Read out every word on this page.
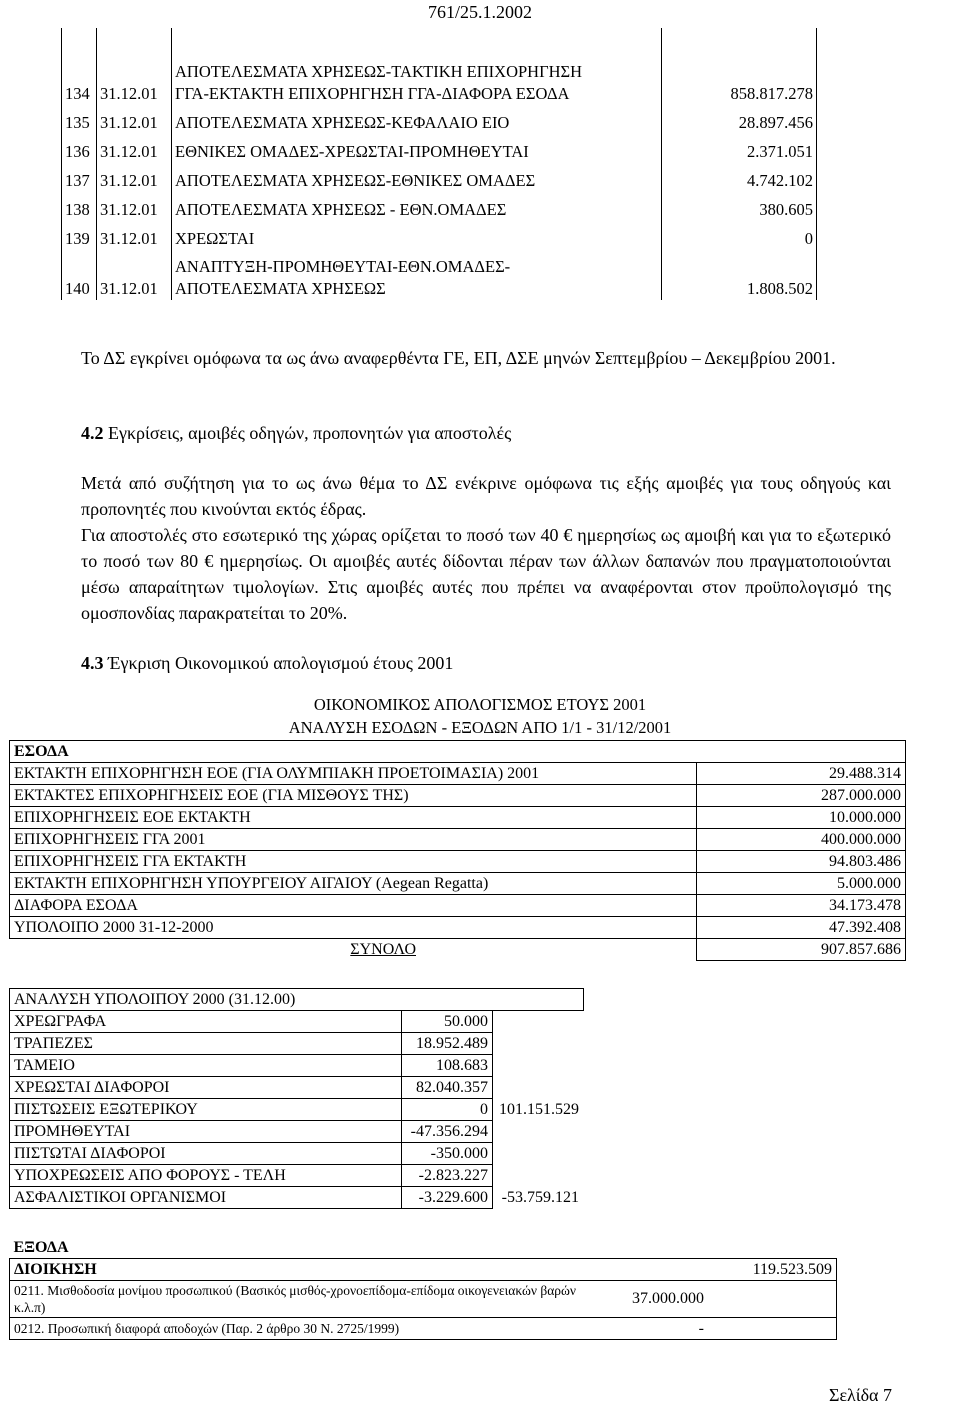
761/25.1.2002

134	31.12.01	ΑΠΟΤΕΛΕΣΜΑΤΑ ΧΡΗΣΕΩΣ-ΤΑΚΤΙΚΗ ΕΠΙΧΟΡΗΓΗΣΗ
ΓΓΑ-ΕΚΤΑΚΤΗ ΕΠΙΧΟΡΗΓΗΣΗ ΓΓΑ-ΔΙΑΦΟΡΑ ΕΣΟΔΑ	858.817.278
135	31.12.01	ΑΠΟΤΕΛΕΣΜΑΤΑ ΧΡΗΣΕΩΣ-ΚΕΦΑΛΑΙΟ ΕΙΟ	28.897.456
136	31.12.01	ΕΘΝΙΚΕΣ ΟΜΑΔΕΣ-ΧΡΕΩΣΤΑΙ-ΠΡΟΜΗΘΕΥΤΑΙ	2.371.051
137	31.12.01	ΑΠΟΤΕΛΕΣΜΑΤΑ ΧΡΗΣΕΩΣ-ΕΘΝΙΚΕΣ ΟΜΑΔΕΣ	4.742.102
138	31.12.01	ΑΠΟΤΕΛΕΣΜΑΤΑ ΧΡΗΣΕΩΣ - ΕΘΝ.ΟΜΑΔΕΣ	380.605
139	31.12.01	ΧΡΕΩΣΤΑΙ	0
140	31.12.01	ΑΝΑΠΤΥΞΗ-ΠΡΟΜΗΘΕΥΤΑΙ-ΕΘΝ.ΟΜΑΔΕΣ-
ΑΠΟΤΕΛΕΣΜΑΤΑ ΧΡΗΣΕΩΣ	1.808.502
Το ΔΣ εγκρίνει ομόφωνα τα ως άνω αναφερθέντα ΓΕ, ΕΠ, ΔΣΕ μηνών Σεπτεμβρίου – Δεκεμβρίου 2001.
4.2 Εγκρίσεις, αμοιβές οδηγών, προπονητών για αποστολές
Μετά από συζήτηση για το ως άνω θέμα το ΔΣ ενέκρινε ομόφωνα τις εξής αμοιβές για τους οδηγούς και προπονητές που κινούνται εκτός έδρας.
Για αποστολές στο εσωτερικό της χώρας ορίζεται το ποσό των 40 € ημερησίως ως αμοιβή και για το εξωτερικό το ποσό των 80 € ημερησίως. Οι αμοιβές αυτές δίδονται πέραν των άλλων δαπανών που πραγματοποιούνται μέσω απαραίτητων τιμολογίων. Στις αμοιβές αυτές που πρέπει να αναφέρονται στον προϋπολογισμό της ομοσπονδίας παρακρατείται το 20%.
4.3 Έγκριση Οικονομικού απολογισμού έτους 2001
ΟΙΚΟΝΟΜΙΚΟΣ ΑΠΟΛΟΓΙΣΜΟΣ ΕΤΟΥΣ 2001
ΑΝΑΛΥΣΗ ΕΣΟΔΩΝ - ΕΞΟΔΩΝ ΑΠΟ 1/1 - 31/12/2001
ΕΣΟΔΑ	
ΕΚΤΑΚΤΗ ΕΠΙΧΟΡΗΓΗΣΗ ΕΟΕ (ΓΙΑ ΟΛΥΜΠΙΑΚΗ ΠΡΟΕΤΟΙΜΑΣΙΑ) 2001	29.488.314
ΕΚΤΑΚΤΕΣ ΕΠΙΧΟΡΗΓΗΣΕΙΣ ΕΟΕ (ΓΙΑ ΜΙΣΘΟΥΣ ΤΗΣ)	287.000.000
ΕΠΙΧΟΡΗΓΗΣΕΙΣ ΕΟΕ ΕΚΤΑΚΤΗ	10.000.000
ΕΠΙΧΟΡΗΓΗΣΕΙΣ ΓΓΑ 2001	400.000.000
ΕΠΙΧΟΡΗΓΗΣΕΙΣ ΓΓΑ ΕΚΤΑΚΤΗ	94.803.486
ΕΚΤΑΚΤΗ ΕΠΙΧΟΡΗΓΗΣΗ ΥΠΟΥΡΓΕΙΟΥ ΑΙΓΑΙΟΥ (Aegean Regatta)	5.000.000
ΔΙΑΦΟΡΑ ΕΣΟΔΑ	34.173.478
ΥΠΟΛΟΙΠΟ 2000 31-12-2000	47.392.408
ΣΥΝΟΛΟ	907.857.686
ΑΝΑΛΥΣΗ ΥΠΟΛΟΙΠΟΥ 2000 (31.12.00)		
ΧΡΕΩΓΡΑΦΑ	50.000	
ΤΡΑΠΕΖΕΣ	18.952.489	
ΤΑΜΕΙΟ	108.683	
ΧΡΕΩΣΤΑΙ ΔΙΑΦΟΡΟΙ	82.040.357	
ΠΙΣΤΩΣΕΙΣ ΕΞΩΤΕΡΙΚΟΥ	0	101.151.529
ΠΡΟΜΗΘΕΥΤΑΙ	-47.356.294	
ΠΙΣΤΩΤΑΙ ΔΙΑΦΟΡΟΙ	-350.000	
ΥΠΟΧΡΕΩΣΕΙΣ ΑΠΟ ΦΟΡΟΥΣ - ΤΕΛΗ	-2.823.227	
ΑΣΦΑΛΙΣΤΙΚΟΙ ΟΡΓΑΝΙΣΜΟΙ	-3.229.600	-53.759.121
ΕΞΟΔΑ		
ΔΙΟΙΚΗΣΗ		119.523.509
0211. Μισθοδοσία μονίμου προσωπικού (Βασικός μισθός-χρονοεπίδομα-επίδομα οικογενειακών βαρών κ.λ.π)	37.000.000	
0212. Προσωπική διαφορά αποδοχών (Παρ. 2 άρθρο 30 Ν. 2725/1999)	-	
Σελίδα 7
